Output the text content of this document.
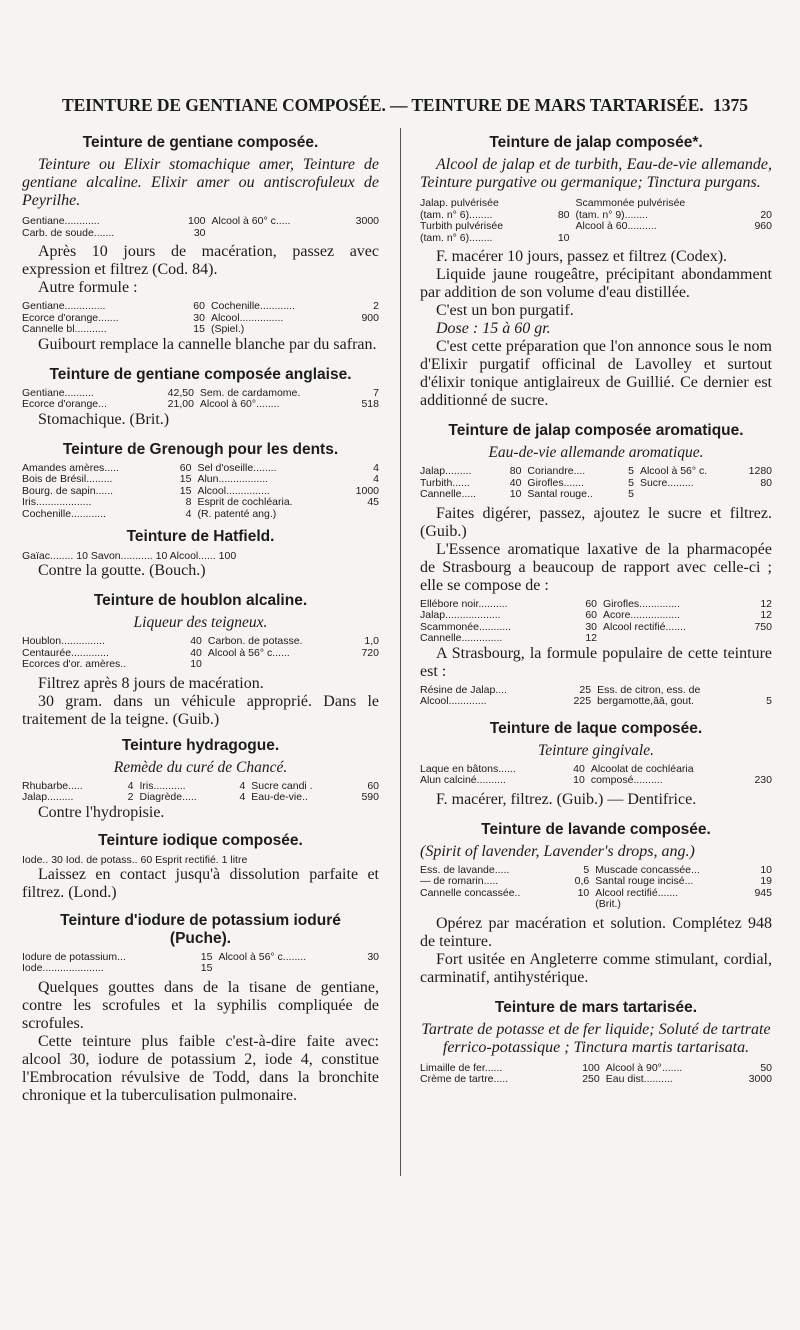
TEINTURE DE GENTIANE COMPOSÉE. — TEINTURE DE MARS TARTARISÉE. 1375
Teinture de gentiane composée.

Teinture ou Elixir stomachique amer, Teinture de gentiane alcaline. Elixir amer ou antiscrofuleux de Peyrilhe.

Gentiane............	100	Alcool à 60° c.....	3000
Carb. de soude.......	30		

Après 10 jours de macération, passez avec expression et filtrez (Cod. 84).

Autre formule :

Gentiane..............	60	Cochenille............	2
Ecorce d'orange.......	30	Alcool...............	900
Cannelle bl...........	15	(Spiel.)	

Guibourt remplace la cannelle blanche par du safran.

Teinture de gentiane composée anglaise.
Gentiane..........	42,50	Sem. de cardamome.	7
Ecorce d'orange...	21,00	Alcool à 60°........	518

Stomachique. (Brit.)

Teinture de Grenough pour les dents.
Amandes amères.....	60	Sel d'oseille........	4
Bois de Brésil.........	15	Alun.................	4
Bourg. de sapin......	15	Alcool...............	1000
Iris...................	8	Esprit de cochléaria.	45
Cochenille............	4	(R. patenté ang.)	
Teinture de Hatfield.
Gaïac........ 10 Savon........... 10 Alcool...... 100

Contre la goutte. (Bouch.)

Teinture de houblon alcaline.

Liqueur des teigneux.

Houblon...............	40	Carbon. de potasse.	1,0
Centaurée.............	40	Alcool à 56° c......	720
Ecorces d'or. amères..	10		

Filtrez après 8 jours de macération.

30 gram. dans un véhicule approprié. Dans le traitement de la teigne. (Guib.)

Teinture hydragogue.

Remède du curé de Chancé.

Rhubarbe.....	4	Iris...........	4	Sucre candi .	60
Jalap.........	2	Diagrède.....	4	Eau-de-vie..	590

Contre l'hydropisie.

Teinture iodique composée.
Iode.. 30 Iod. de potass.. 60 Esprit rectifié. 1 litre

Laissez en contact jusqu'à dissolution parfaite et filtrez. (Lond.)

Teinture d'iodure de potassium ioduré
(Puche).
Iodure de potassium...	15	Alcool à 56° c........	30
Iode.....................	15		

Quelques gouttes dans de la tisane de gentiane, contre les scrofules et la syphilis compliquée de scrofules.

Cette teinture plus faible c'est-à-dire faite avec: alcool 30, iodure de potassium 2, iode 4, constitue l'Embrocation révulsive de Todd, dans la bronchite chronique et la tuberculisation pulmonaire.

Teinture de jalap composée*.

Alcool de jalap et de turbith, Eau-de-vie allemande, Teinture purgative ou germanique; Tinctura purgans.

Jalap. pulvérisée		Scammonée pulvérisée	
(tam. n° 6)........	80	(tam. n° 9)........	20
Turbith pulvérisée		Alcool à 60..........	960
(tam. n° 6)........	10		

F. macérer 10 jours, passez et filtrez (Codex).

Liquide jaune rougeâtre, précipitant abondamment par addition de son volume d'eau distillée.

C'est un bon purgatif.

Dose : 15 à 60 gr.

C'est cette préparation que l'on annonce sous le nom d'Elixir purgatif officinal de Lavolley et surtout d'élixir tonique antiglaireux de Guillié. Ce dernier est additionné de sucre.

Teinture de jalap composée aromatique.

Eau-de-vie allemande aromatique.

Jalap.........	80	Coriandre....	5	Alcool à 56° c.	1280
Turbith......	40	Girofles.......	5	Sucre.........	80
Cannelle.....	10	Santal rouge..	5		

Faites digérer, passez, ajoutez le sucre et filtrez. (Guib.)

L'Essence aromatique laxative de la pharmacopée de Strasbourg a beaucoup de rapport avec celle-ci ; elle se compose de :

Ellébore noir..........	60	Girofles..............	12
Jalap...................	60	Acore.................	12
Scammonée...........	30	Alcool rectifié.......	750
Cannelle..............	12		

A Strasbourg, la formule populaire de cette teinture est :

Résine de Jalap....	25	Ess. de citron, ess. de	
Alcool.............	225	bergamotte,āā, gout.	5
Teinture de laque composée.

Teinture gingivale.

Laque en bâtons......	40	Alcoolat de cochléaria	
Alun calciné..........	10	composé..........	230

F. macérer, filtrez. (Guib.) — Dentifrice.

Teinture de lavande composée.

(Spirit of lavender, Lavender's drops, ang.)

Ess. de lavande.....	5	Muscade concassée...	10
— de romarin.....	0,6	Santal rouge incisé...	19
Cannelle concassée..	10	Alcool rectifié.......	945
		(Brit.)	

Opérez par macération et solution. Complétez 948 de teinture.

Fort usitée en Angleterre comme stimulant, cordial, carminatif, antihystérique.

Teinture de mars tartarisée.

Tartrate de potasse et de fer liquide; Soluté de tartrate ferrico-potassique ; Tinctura martis tartarisata.

Limaille de fer......	100	Alcool à 90°.......	50
Crème de tartre.....	250	Eau dist..........	3000
